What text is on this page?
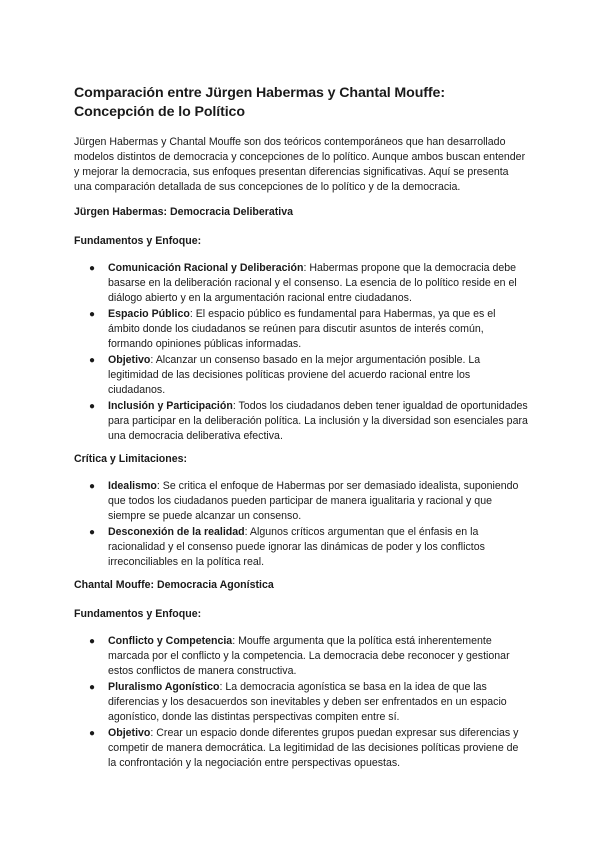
Comparación entre Jürgen Habermas y Chantal Mouffe: Concepción de lo Político

Jürgen Habermas y Chantal Mouffe son dos teóricos contemporáneos que han desarrollado modelos distintos de democracia y concepciones de lo político. Aunque ambos buscan entender y mejorar la democracia, sus enfoques presentan diferencias significativas. Aquí se presenta una comparación detallada de sus concepciones de lo político y de la democracia.

Jürgen Habermas: Democracia Deliberativa
Fundamentos y Enfoque:
● Comunicación Racional y Deliberación: Habermas propone que la democracia debe basarse en la deliberación racional y el consenso. La esencia de lo político reside en el diálogo abierto y en la argumentación racional entre ciudadanos.
● Espacio Público: El espacio público es fundamental para Habermas, ya que es el ámbito donde los ciudadanos se reúnen para discutir asuntos de interés común, formando opiniones públicas informadas.
● Objetivo: Alcanzar un consenso basado en la mejor argumentación posible. La legitimidad de las decisiones políticas proviene del acuerdo racional entre los ciudadanos.
● Inclusión y Participación: Todos los ciudadanos deben tener igualdad de oportunidades para participar en la deliberación política. La inclusión y la diversidad son esenciales para una democracia deliberativa efectiva.
Crítica y Limitaciones:
● Idealismo: Se critica el enfoque de Habermas por ser demasiado idealista, suponiendo que todos los ciudadanos pueden participar de manera igualitaria y racional y que siempre se puede alcanzar un consenso.
● Desconexión de la realidad: Algunos críticos argumentan que el énfasis en la racionalidad y el consenso puede ignorar las dinámicas de poder y los conflictos irreconciliables en la política real.
Chantal Mouffe: Democracia Agonística
Fundamentos y Enfoque:
● Conflicto y Competencia: Mouffe argumenta que la política está inherentemente marcada por el conflicto y la competencia. La democracia debe reconocer y gestionar estos conflictos de manera constructiva.
● Pluralismo Agonístico: La democracia agonística se basa en la idea de que las diferencias y los desacuerdos son inevitables y deben ser enfrentados en un espacio agonístico, donde las distintas perspectivas compiten entre sí.
● Objetivo: Crear un espacio donde diferentes grupos puedan expresar sus diferencias y competir de manera democrática. La legitimidad de las decisiones políticas proviene de la confrontación y la negociación entre perspectivas opuestas.
